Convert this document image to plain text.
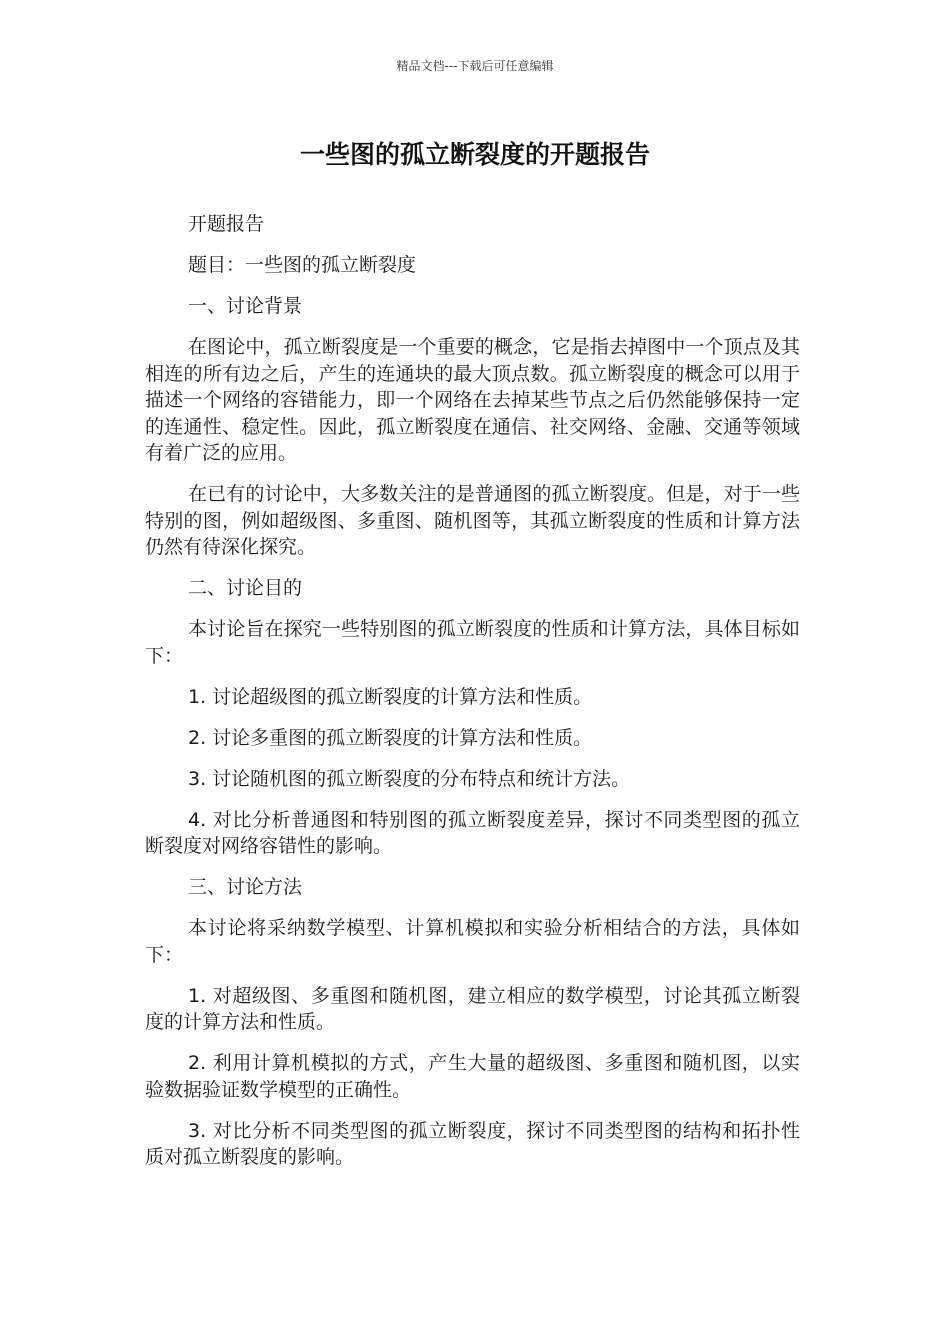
精品文档---下载后可任意编辑
一些图的孤立断裂度的开题报告

开题报告

题目：一些图的孤立断裂度

一、讨论背景

在图论中，孤立断裂度是一个重要的概念，它是指去掉图中一个顶点及其相连的所有边之后，产生的连通块的最大顶点数。孤立断裂度的概念可以用于描述一个网络的容错能力，即一个网络在去掉某些节点之后仍然能够保持一定的连通性、稳定性。因此，孤立断裂度在通信、社交网络、金融、交通等领域有着广泛的应用。

在已有的讨论中，大多数关注的是普通图的孤立断裂度。但是，对于一些特别的图，例如超级图、多重图、随机图等，其孤立断裂度的性质和计算方法仍然有待深化探究。

二、讨论目的

本讨论旨在探究一些特别图的孤立断裂度的性质和计算方法，具体目标如下：

1. 讨论超级图的孤立断裂度的计算方法和性质。

2. 讨论多重图的孤立断裂度的计算方法和性质。

3. 讨论随机图的孤立断裂度的分布特点和统计方法。

4. 对比分析普通图和特别图的孤立断裂度差异，探讨不同类型图的孤立断裂度对网络容错性的影响。

三、讨论方法

本讨论将采纳数学模型、计算机模拟和实验分析相结合的方法，具体如下：

1. 对超级图、多重图和随机图，建立相应的数学模型，讨论其孤立断裂度的计算方法和性质。

2. 利用计算机模拟的方式，产生大量的超级图、多重图和随机图，以实验数据验证数学模型的正确性。

3. 对比分析不同类型图的孤立断裂度，探讨不同类型图的结构和拓扑性质对孤立断裂度的影响。
